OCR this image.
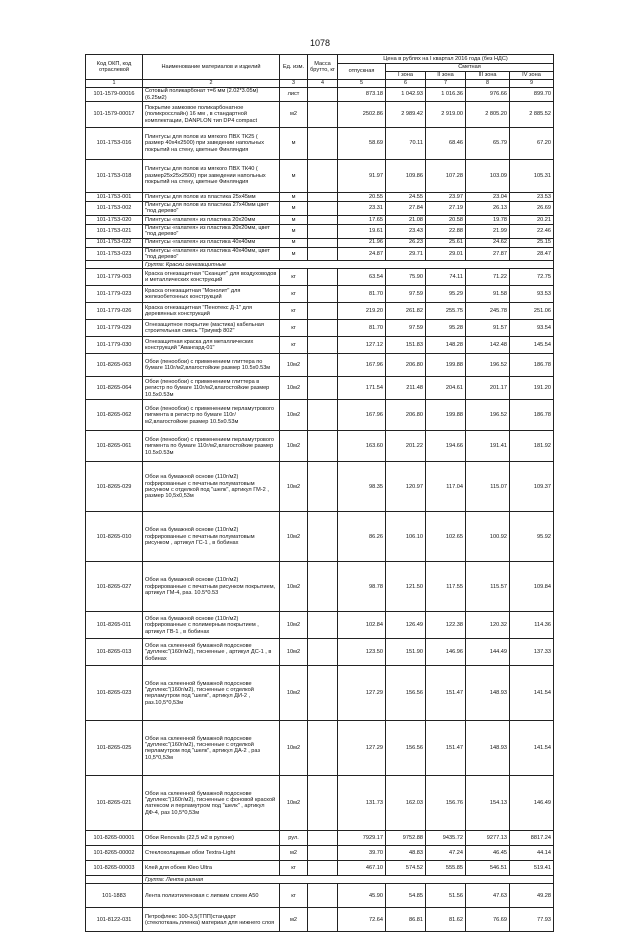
1078
Код ОКП, код отраслевой	Наименование материалов и изделий	Ед. изм.	Масса брутто, кг	Цена в рублях на I квартал 2016 года (без НДС)				
				отпускная	Сметная			
					I зона	II зона	III зона	IV зона
1	2	3	4	5	6	7	8	9
101-1579-00016	Сотовый поликарбонат т=6 мм (2.02*3.05м) (6.25м2)	лист		873.18	1 042.93	1 016.36	976.66	899.70
101-1579-00017	Покрытие замковое поликарбонатное (поликросслайн) 16 мм , в стандартной комплектации, DANPLON тип DP4 compact	м2		2502.86	2 989.42	2 919.00	2 805.20	2 885.52
101-1753-016	Плинтусы для полов из мягкого ПВХ ТК25 ( размер 40х4х2500) при заведении напольных покрытий на стену, цветные Финляндия	м		58.69	70.11	68.46	65.79	67.20
101-1753-018	Плинтусы для полов из мягкого ПВХ ТК40 ( размер25х25х2500) при заведении напольных покрытий на стену, цветные Финляндия	м		91.97	109.86	107.28	103.09	105.31
101-1753-001	Плинтусы для полов из пластика 25х45мм	м		20.55	24.55	23.97	23.04	23.53
101-1753-002	Плинтусы для полов из пластика 27х40мм цвет "под дерево"	м		23.31	27.84	27.19	26.13	26.69
101-1753-020	Плинтусы «галатея» из пластика 20х20мм	м		17.65	21.08	20.58	19.78	20.21
101-1753-021	Плинтусы «галатея» из пластика 20х20мм, цвет "под дерево"	м		19.61	23.43	22.88	21.99	22.46
101-1753-022	Плинтусы «галатея» из пластика 40х40мм	м		21.96	26.23	25.61	24.62	25.15
101-1753-023	Плинтусы «галатея» из пластика 40х40мм, цвет "под дерево"	м		24.87	29.71	29.01	27.87	28.47
	Группа: Краски огнезащитные							
101-1779-003	Краска огнезащитная "Сканцит" для воздуховодов и металлических конструкций	кг		63.54	75.90	74.11	71.22	72.75
101-1779-023	Краска огнезащитная "Монолит" для железобетонных конструкций	кг		81.70	97.59	95.29	91.58	93.53
101-1779-026	Краска огнезащитная "Пенотекс Д-1" для деревянных конструкций	кг		219.20	261.82	255.75	245.78	251.06
101-1779-029	Огнезащитное покрытие (мастика) кабельная строительная смесь "Триумф 802"	кг		81.70	97.59	95.28	91.57	93.54
101-1779-030	Огнезащитная краска для металлических конструкций "Авангард-01"	кг		127.12	151.83	148.28	142.48	145.54
101-8265-063	Обои (пенообои) с применением глиттера по бумаге 110г/м2,влагостойкие размер 10.5х0.53м	10м2		167.96	206.80	199.88	196.52	186.78
101-8265-064	Обои (пенообои) с применением глиттера в регистр по бумаге 110г/м2,влагостойкие размер 10.5х0.53м	10м2		171.54	211.48	204.61	201.17	191.20
101-8265-062	Обои (пенообои) с применением перламутрового пигмента в регистр по бумаге 110г/м2,влагостойкие размер 10.5х0.53м	10м2		167.96	206.80	199.88	196.52	186.78
101-8265-061	Обои (пенообои) с применением перламутрового пигмента по бумаге 110г/м2,влагостойкие размер 10.5х0.53м	10м2		163.60	201.22	194.66	191.41	181.92
101-8265-029	Обои на бумажной основе (110г/м2) гофрированные с печатным полуматовым рисунком с отделкой под "шелк", артикул ГМ-2 , размер 10,5х0,53м	10м2		98.35	120.97	117.04	115.07	109.37
101-8265-010	Обои на бумажной основе (110г/м2) гофрированные с печатным полуматовым рисунком , артикул ГС-1 , в бобинах	10м2		86.26	106.10	102.65	100.92	95.92
101-8265-027	Обои на бумажной основе (110г/м2) гофрированные с печатным рисунком покрытием, артикул ГМ-4, раз. 10.5*0.53	10м2		98.78	121.50	117.55	115.57	109.84
101-8265-011	Обои на бумажной основе (110г/м2) гофрированные с полимерным покрытием , артикул ГВ-1 , в бобинах	10м2		102.84	126.49	122.38	120.32	114.36
101-8265-013	Обои на склеенной бумажной подоснове "дуплекс"(160г/м2), тисненные , артикул ДС-1 , в бобинах	10м2		123.50	151.90	146.96	144.49	137.33
101-8265-023	Обои на склеенной бумажной подоснове "дуплекс"(160г/м2), тисненные с отделкой перламутром под "шелк", артикул ДИ-2 , раз.10,5*0,53м	10м2		127.29	156.56	151.47	148.93	141.54
101-8265-025	Обои на склеенной бумажной подоснове "дуплекс"(160г/м2), тисненные с отделкой перламутром под "шелк", артикул ДА-2 , раз 10,5*0,53м	10м2		127.29	156.56	151.47	148.93	141.54
101-8265-021	Обои на склеенной бумажной подоснове "дуплекс"(160г/м2), тисненные с фоновой краской латексом и перламутром под "шелк" , артикул ДФ-4, раз 10,5*0,53м	10м2		131.73	162.03	156.76	154.13	146.49
101-8265-00001	Обои Renovalis (22,5 м2 в рулоне)	рул.		7929.17	9752.88	9435.72	9277.13	8817.24
101-8265-00002	Стеклохолщевые обои Textra-Light	м2		39.70	48.83	47.24	46.45	44.14
101-8265-00003	Клей для обоев Kleo Ultra	кг		467.10	574.52	555.85	546.51	519.41
	Группа: Лента разная							
101-1883	Лента полиэтиленовая с липким слоем А50	кг		45.90	54.85	51.56	47.63	49.28
101-8122-031	Петрофлекс 100-3,5(ТПП)стандарт (стеклоткань,пленка) материал для нижнего слоя	м2		72.64	86.81	81.62	76.69	77.93
